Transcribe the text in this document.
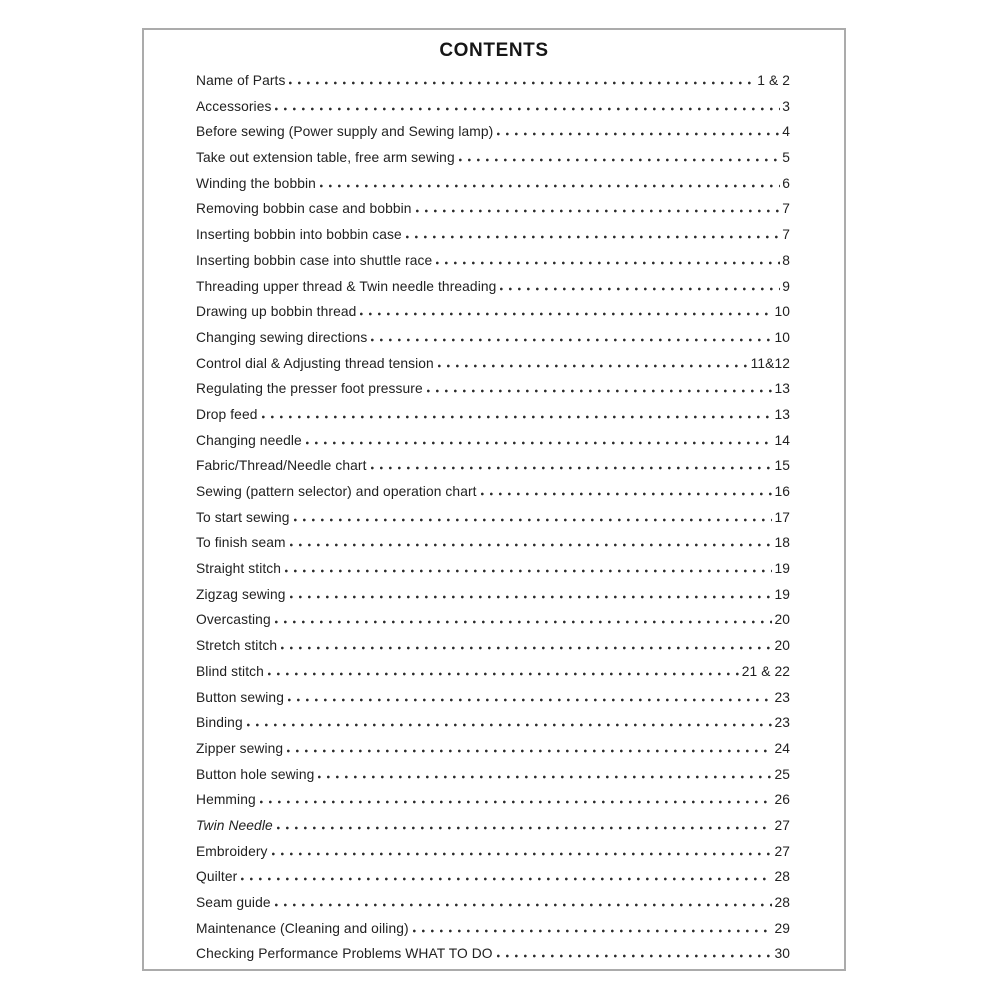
CONTENTS
Name of Parts	1 & 2
Accessories	3
Before sewing (Power supply and Sewing lamp)	4
Take out extension table, free arm sewing	5
Winding the bobbin	6
Removing bobbin case and bobbin	7
Inserting bobbin into bobbin case	7
Inserting bobbin case into shuttle race	8
Threading upper thread & Twin needle threading	9
Drawing up bobbin thread	10
Changing sewing directions	10
Control dial & Adjusting thread tension	11&12
Regulating the presser foot pressure	13
Drop feed	13
Changing needle	14
Fabric/Thread/Needle chart	15
Sewing (pattern selector) and operation chart	16
To start sewing	17
To finish seam	18
Straight stitch	19
Zigzag sewing	19
Overcasting	20
Stretch stitch	20
Blind stitch	21 & 22
Button sewing	23
Binding	23
Zipper sewing	24
Button hole sewing	25
Hemming	26
Twin Needle	27
Embroidery	27
Quilter	28
Seam guide	28
Maintenance (Cleaning and oiling)	29
Checking Performance Problems WHAT TO DO	30
